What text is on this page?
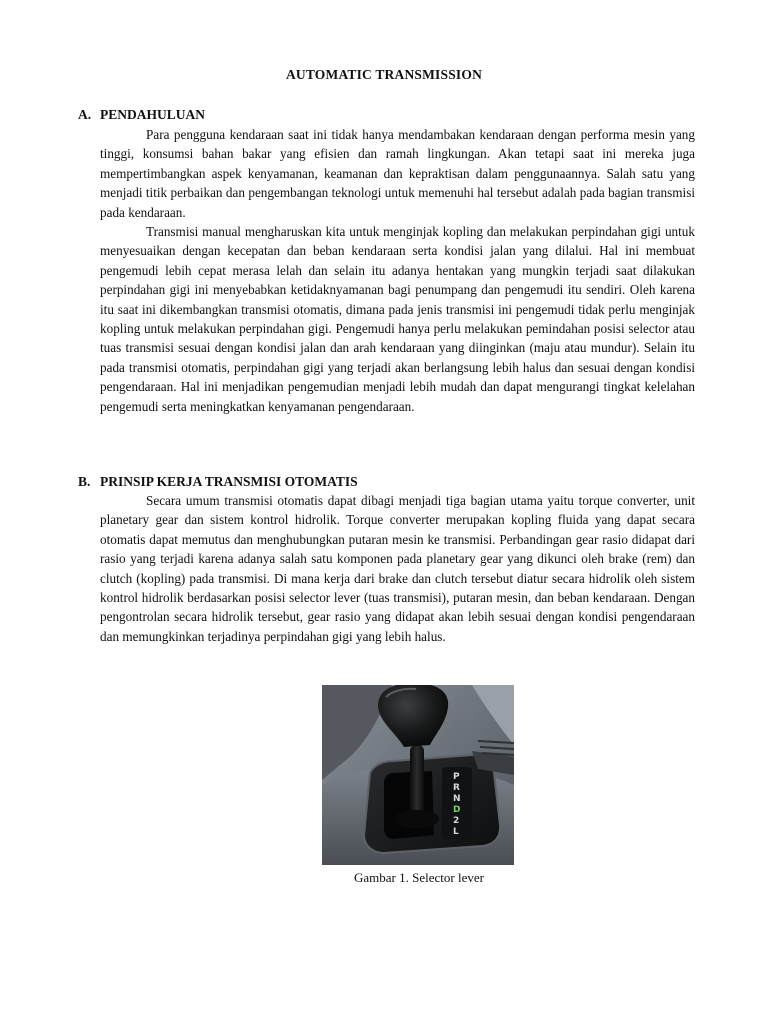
AUTOMATIC TRANSMISSION
A. PENDAHULUAN

Para pengguna kendaraan saat ini tidak hanya mendambakan kendaraan dengan performa mesin yang tinggi, konsumsi bahan bakar yang efisien dan ramah lingkungan. Akan tetapi saat ini mereka juga mempertimbangkan aspek kenyamanan, keamanan dan kepraktisan dalam penggunaannya. Salah satu yang menjadi titik perbaikan dan pengembangan teknologi untuk memenuhi hal tersebut adalah pada bagian transmisi pada kendaraan.

Transmisi manual mengharuskan kita untuk menginjak kopling dan melakukan perpindahan gigi untuk menyesuaikan dengan kecepatan dan beban kendaraan serta kondisi jalan yang dilalui. Hal ini membuat pengemudi lebih cepat merasa lelah dan selain itu adanya hentakan yang mungkin terjadi saat dilakukan perpindahan gigi ini menyebabkan ketidaknyamanan bagi penumpang dan pengemudi itu sendiri. Oleh karena itu saat ini dikembangkan transmisi otomatis, dimana pada jenis transmisi ini pengemudi tidak perlu menginjak kopling untuk melakukan perpindahan gigi. Pengemudi hanya perlu melakukan pemindahan posisi selector atau tuas transmisi sesuai dengan kondisi jalan dan arah kendaraan yang diinginkan (maju atau mundur). Selain itu pada transmisi otomatis, perpindahan gigi yang terjadi akan berlangsung lebih halus dan sesuai dengan kondisi pengendaraan. Hal ini menjadikan pengemudian menjadi lebih mudah dan dapat mengurangi tingkat kelelahan pengemudi serta meningkatkan kenyamanan pengendaraan.

B. PRINSIP KERJA TRANSMISI OTOMATIS

Secara umum transmisi otomatis dapat dibagi menjadi tiga bagian utama yaitu torque converter, unit planetary gear dan sistem kontrol hidrolik. Torque converter merupakan kopling fluida yang dapat secara otomatis dapat memutus dan menghubungkan putaran mesin ke transmisi. Perbandingan gear rasio didapat dari rasio yang terjadi karena adanya salah satu komponen pada planetary gear yang dikunci oleh brake (rem) dan clutch (kopling) pada transmisi. Di mana kerja dari brake dan clutch tersebut diatur secara hidrolik oleh sistem kontrol hidrolik berdasarkan posisi selector lever (tuas transmisi), putaran mesin, dan beban kendaraan. Dengan pengontrolan secara hidrolik tersebut, gear rasio yang didapat akan lebih sesuai dengan kondisi pengendaraan dan memungkinkan terjadinya perpindahan gigi yang lebih halus.

P
R
N
D
2
L
Gambar 1. Selector lever
